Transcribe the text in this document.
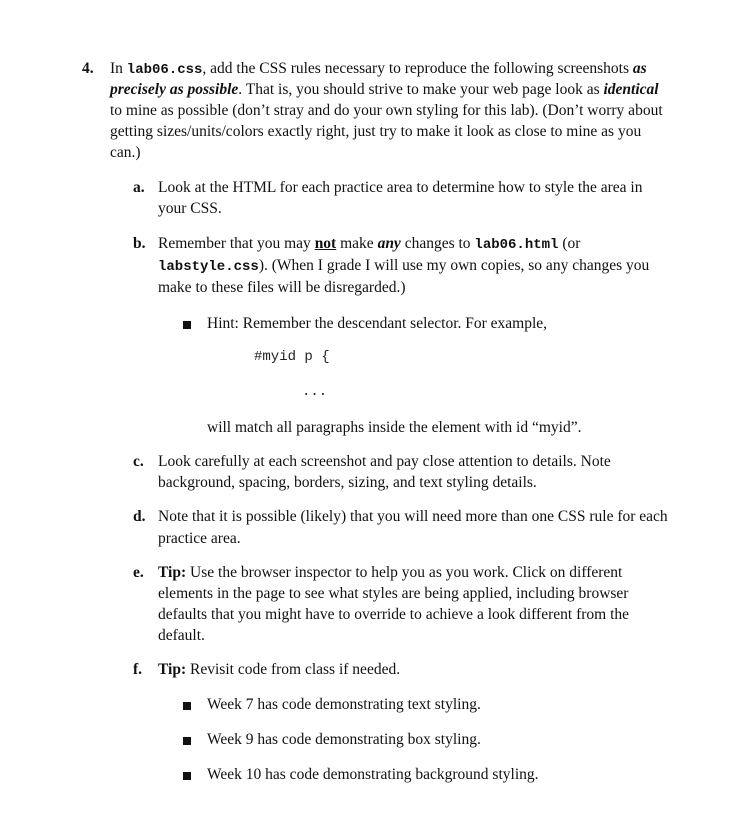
4. In lab06.css, add the CSS rules necessary to reproduce the following screenshots as
precisely as possible. That is, you should strive to make your web page look as identical
to mine as possible (don’t stray and do your own styling for this lab). (Don’t worry about
getting sizes/units/colors exactly right, just try to make it look as close to mine as you
can.)
a. Look at the HTML for each practice area to determine how to style the area in
your CSS.
b. Remember that you may not make any changes to lab06.html (or
labstyle.css). (When I grade I will use my own copies, so any changes you
make to these files will be disregarded.)
Hint: Remember the descendant selector. For example,
#myid p {
...
will match all paragraphs inside the element with id “myid”.
c. Look carefully at each screenshot and pay close attention to details. Note
background, spacing, borders, sizing, and text styling details.
d. Note that it is possible (likely) that you will need more than one CSS rule for each
practice area.
e. Tip: Use the browser inspector to help you as you work. Click on different
elements in the page to see what styles are being applied, including browser
defaults that you might have to override to achieve a look different from the
default.
f. Tip: Revisit code from class if needed.
Week 7 has code demonstrating text styling.
Week 9 has code demonstrating box styling.
Week 10 has code demonstrating background styling.
